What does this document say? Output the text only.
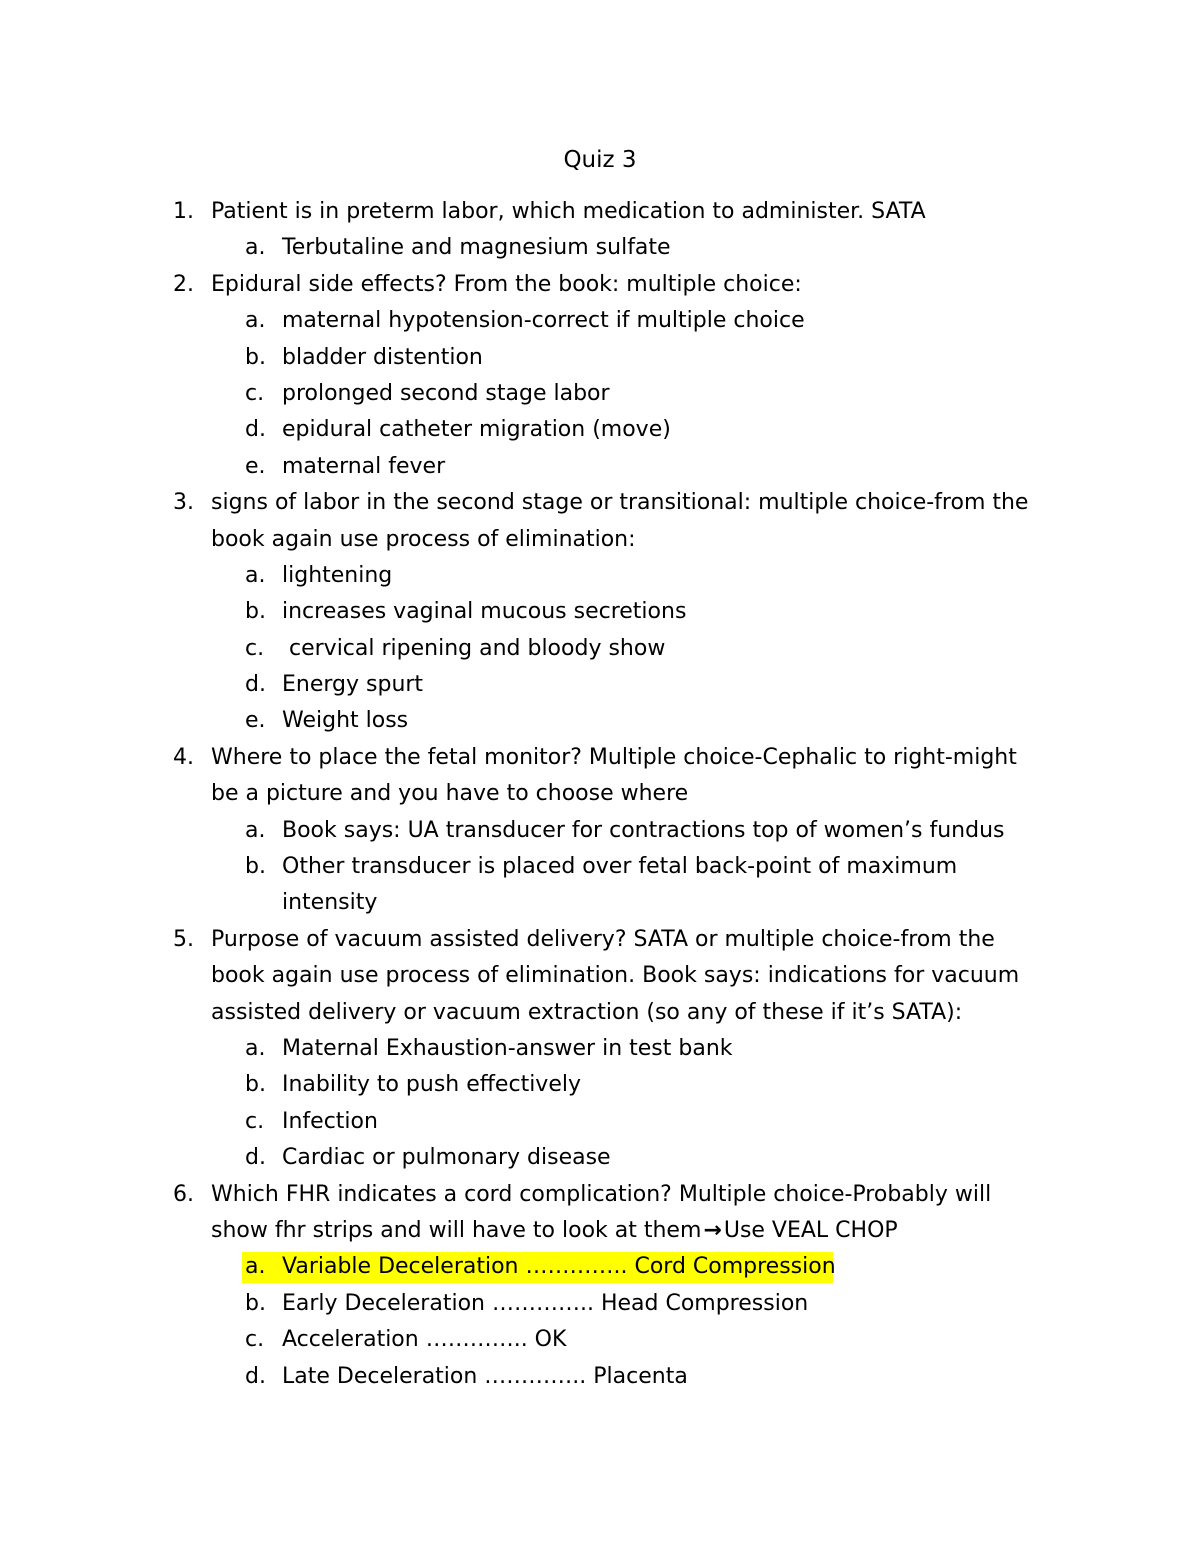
Quiz 3
1. Patient is in preterm labor, which medication to administer. SATA
a. Terbutaline and magnesium sulfate
2. Epidural side effects? From the book: multiple choice:
a. maternal hypotension-correct if multiple choice
b. bladder distention
c. prolonged second stage labor
d. epidural catheter migration (move)
e. maternal fever
3. signs of labor in the second stage or transitional: multiple choice-from the
book again use process of elimination:
a. lightening
b. increases vaginal mucous secretions
c. cervical ripening and bloody show
d. Energy spurt
e. Weight loss
4. Where to place the fetal monitor? Multiple choice-Cephalic to right-might
be a picture and you have to choose where
a. Book says: UA transducer for contractions top of women’s fundus
b. Other transducer is placed over fetal back-point of maximum
intensity
5. Purpose of vacuum assisted delivery? SATA or multiple choice-from the
book again use process of elimination. Book says: indications for vacuum
assisted delivery or vacuum extraction (so any of these if it’s SATA):
a. Maternal Exhaustion-answer in test bank
b. Inability to push effectively
c. Infection
d. Cardiac or pulmonary disease
6. Which FHR indicates a cord complication? Multiple choice-Probably will
show fhr strips and will have to look at them→Use VEAL CHOP
a. Variable Deceleration ………….. Cord Compression
b. Early Deceleration ………….. Head Compression
c. Acceleration ………….. OK
d. Late Deceleration ………….. Placenta
